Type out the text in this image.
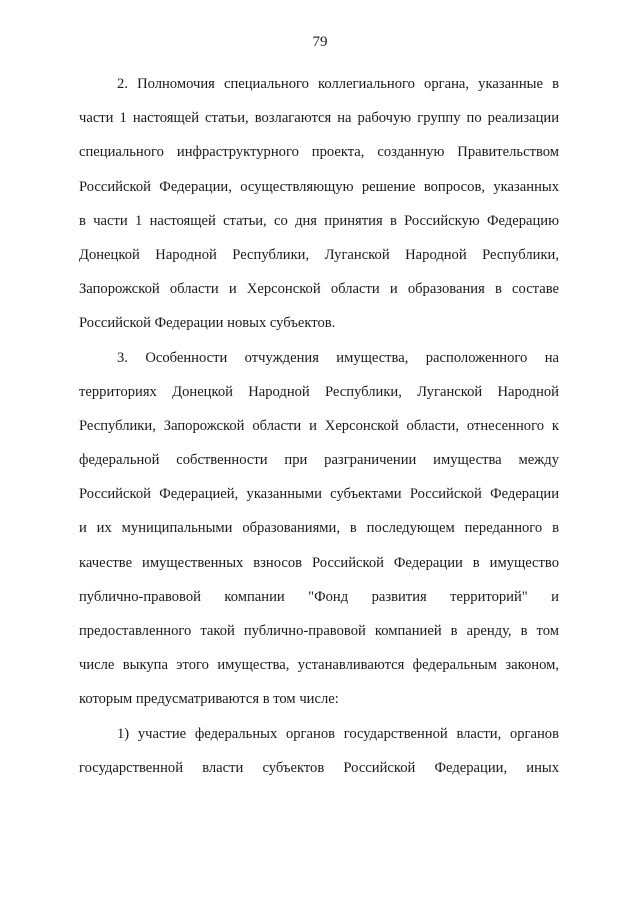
79
2. Полномочия специального коллегиального органа, указанные в
части 1 настоящей статьи, возлагаются на рабочую группу по реализации
специального инфраструктурного проекта, созданную Правительством
Российской Федерации, осуществляющую решение вопросов, указанных
в части 1 настоящей статьи, со дня принятия в Российскую Федерацию
Донецкой Народной Республики, Луганской Народной Республики,
Запорожской области и Херсонской области и образования в составе
Российской Федерации новых субъектов.
3. Особенности отчуждения имущества, расположенного на
территориях Донецкой Народной Республики, Луганской Народной
Республики, Запорожской области и Херсонской области, отнесенного к
федеральной собственности при разграничении имущества между
Российской Федерацией, указанными субъектами Российской Федерации
и их муниципальными образованиями, в последующем переданного в
качестве имущественных взносов Российской Федерации в имущество
публично-правовой компании "Фонд развития территорий" и
предоставленного такой публично-правовой компанией в аренду, в том
числе выкупа этого имущества, устанавливаются федеральным законом,
которым предусматриваются в том числе:
1) участие федеральных органов государственной власти, органов
государственной власти субъектов Российской Федерации, иных
